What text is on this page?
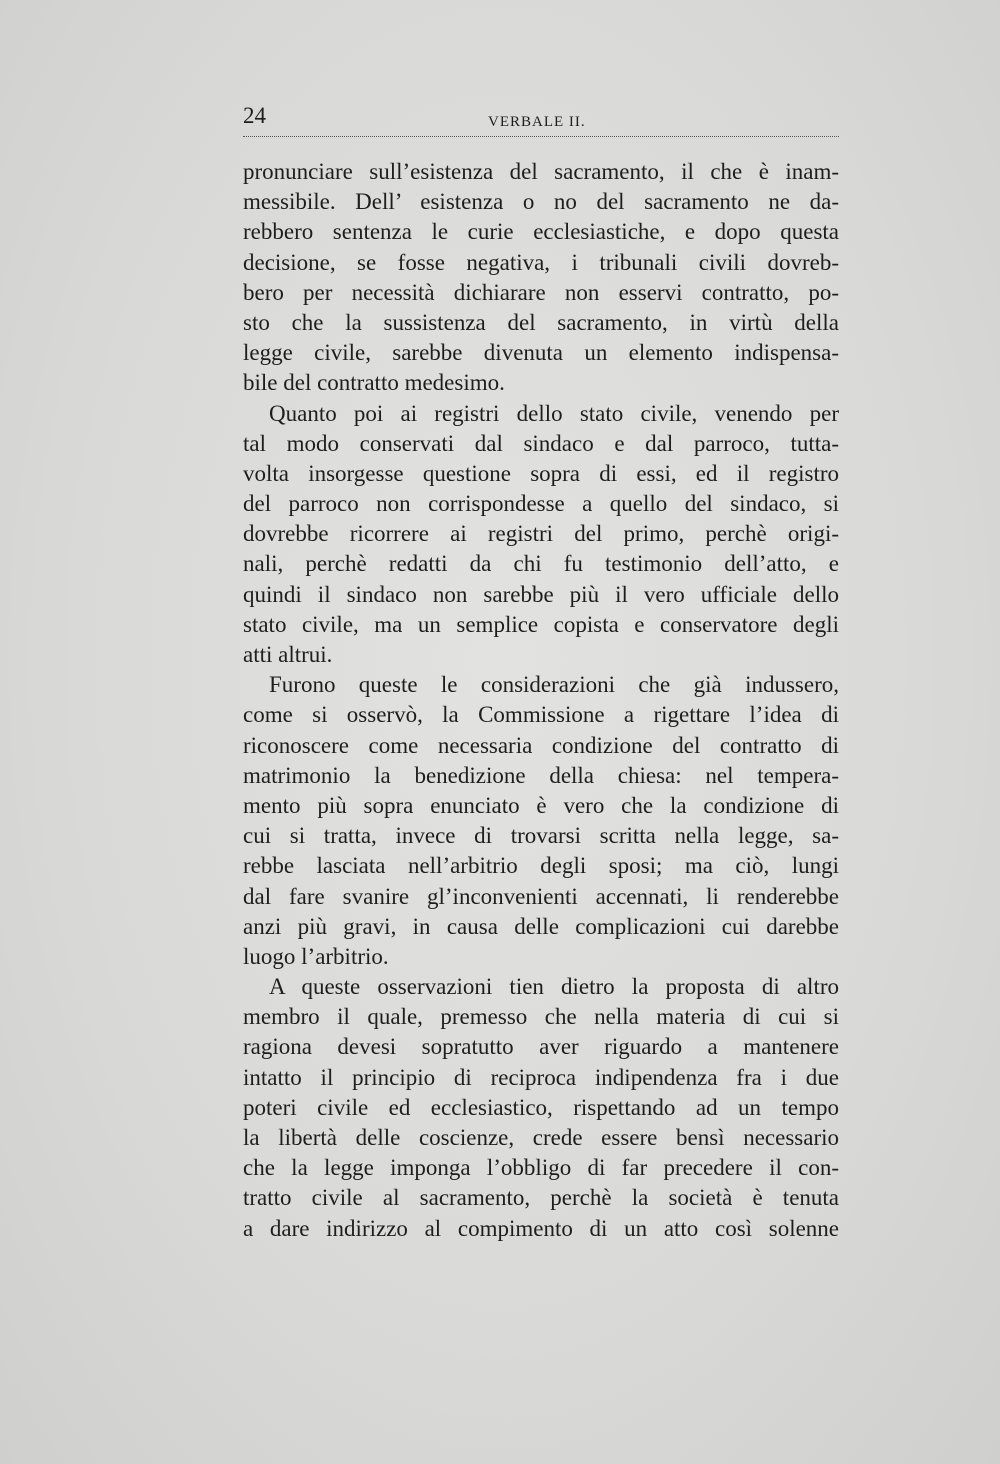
24	VERBALE II.
pronunciare sull’esistenza del sacramento, il che è inam-
messibile. Dell’ esistenza o no del sacramento ne da-
rebbero sentenza le curie ecclesiastiche, e dopo questa
decisione, se fosse negativa, i tribunali civili dovreb-
bero per necessità dichiarare non esservi contratto, po-
sto che la sussistenza del sacramento, in virtù della
legge civile, sarebbe divenuta un elemento indispensa-
bile del contratto medesimo.
Quanto poi ai registri dello stato civile, venendo per
tal modo conservati dal sindaco e dal parroco, tutta-
volta insorgesse questione sopra di essi, ed il registro
del parroco non corrispondesse a quello del sindaco, si
dovrebbe ricorrere ai registri del primo, perchè origi-
nali, perchè redatti da chi fu testimonio dell’atto, e
quindi il sindaco non sarebbe più il vero ufficiale dello
stato civile, ma un semplice copista e conservatore degli
atti altrui.
Furono queste le considerazioni che già indussero,
come si osservò, la Commissione a rigettare l’idea di
riconoscere come necessaria condizione del contratto di
matrimonio la benedizione della chiesa: nel tempera-
mento più sopra enunciato è vero che la condizione di
cui si tratta, invece di trovarsi scritta nella legge, sa-
rebbe lasciata nell’arbitrio degli sposi; ma ciò, lungi
dal fare svanire gl’inconvenienti accennati, li renderebbe
anzi più gravi, in causa delle complicazioni cui darebbe
luogo l’arbitrio.
A queste osservazioni tien dietro la proposta di altro
membro il quale, premesso che nella materia di cui si
ragiona devesi sopratutto aver riguardo a mantenere
intatto il principio di reciproca indipendenza fra i due
poteri civile ed ecclesiastico, rispettando ad un tempo
la libertà delle coscienze, crede essere bensì necessario
che la legge imponga l’obbligo di far precedere il con-
tratto civile al sacramento, perchè la società è tenuta
a dare indirizzo al compimento di un atto così solenne
